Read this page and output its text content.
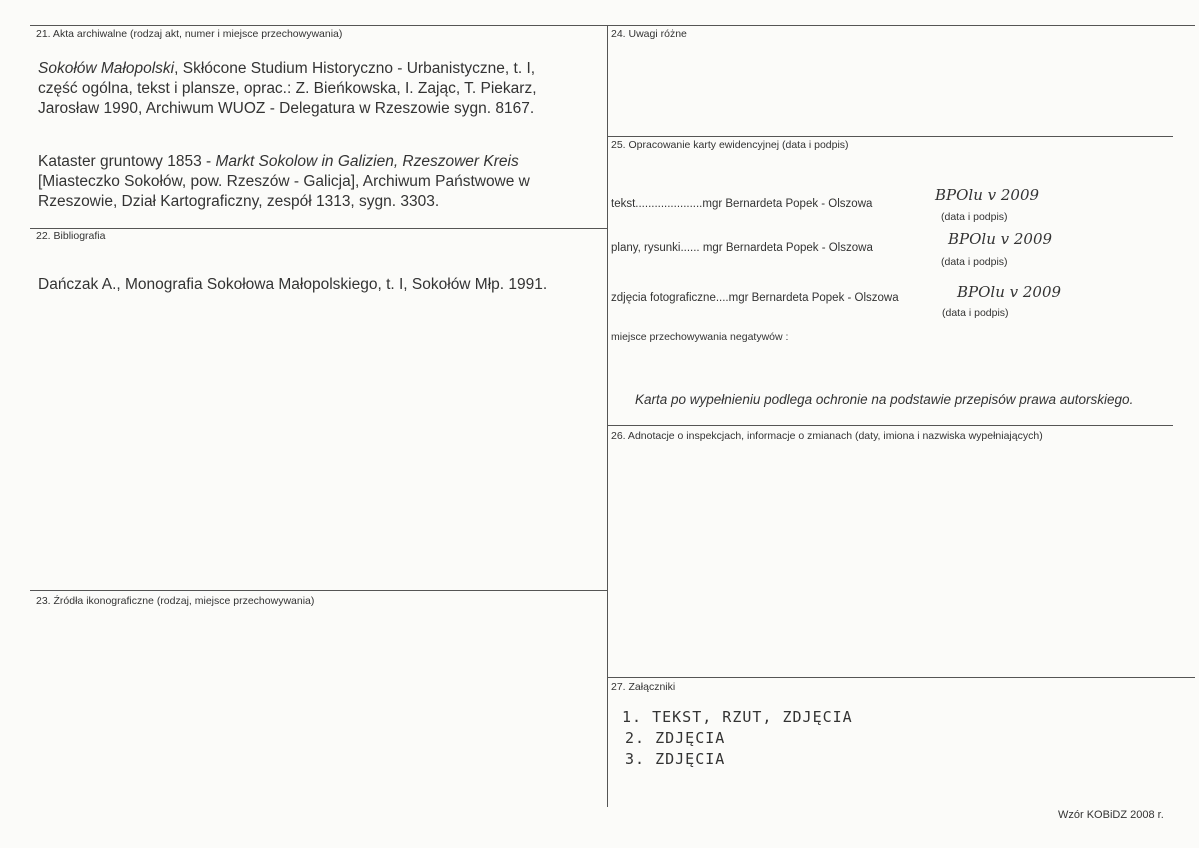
21. Akta archiwalne (rodzaj akt, numer i miejsce przechowywania)
Sokołów Małopolski, Skłócone Studium Historyczno - Urbanistyczne, t. I,
część ogólna, tekst i plansze, oprac.: Z. Bieńkowska, I. Zając, T. Piekarz,
Jarosław 1990, Archiwum WUOZ - Delegatura w Rzeszowie sygn. 8167.
Kataster gruntowy 1853 - Markt Sokolow in Galizien, Rzeszower Kreis
[Miasteczko Sokołów, pow. Rzeszów - Galicja], Archiwum Państwowe w
Rzeszowie, Dział Kartograficzny, zespół 1313, sygn. 3303.
22. Bibliografia
Dańczak A., Monografia Sokołowa Małopolskiego, t. I, Sokołów Młp. 1991.
23. Źródła ikonograficzne (rodzaj, miejsce przechowywania)
24. Uwagi różne
25. Opracowanie karty ewidencyjnej (data i podpis)
tekst.....................mgr Bernardeta Popek - Olszowa	BPOlu v 2009
(data i podpis)
plany, rysunki...... mgr Bernardeta Popek - Olszowa	BPOlu v 2009
(data i podpis)
zdjęcia fotograficzne....mgr Bernardeta Popek - Olszowa	BPOlu v 2009
(data i podpis)
miejsce przechowywania negatywów :
Karta po wypełnieniu podlega ochronie na podstawie przepisów prawa autorskiego.
26. Adnotacje o inspekcjach, informacje o zmianach (daty, imiona i nazwiska wypełniających)
27. Załączniki
1. TEKST, RZUT, ZDJĘCIA
2. ZDJĘCIA
3. ZDJĘCIA
Wzór KOBiDZ 2008 r.
